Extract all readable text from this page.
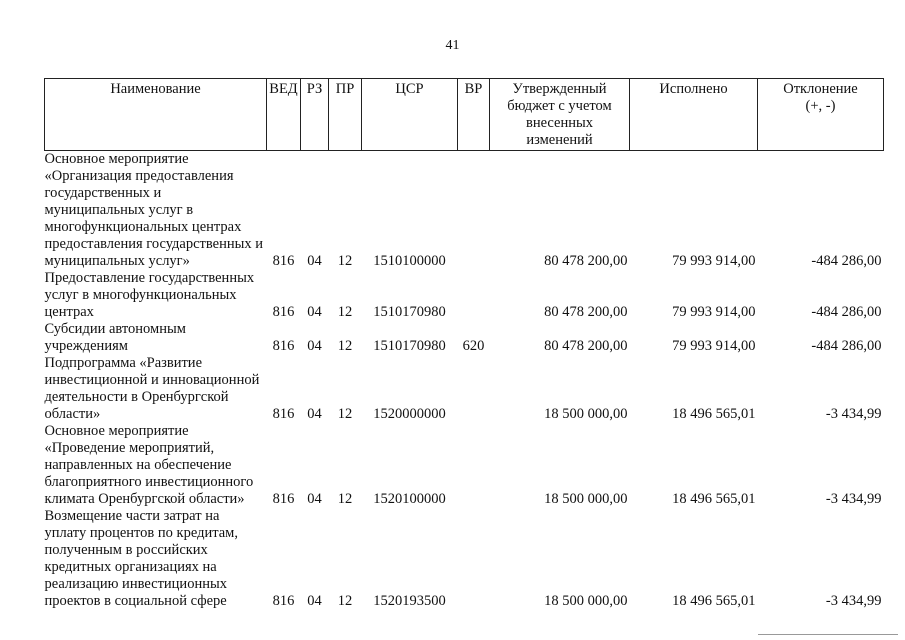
41
Наименование	ВЕД	РЗ	ПР	ЦСР	ВР	Утвержденный бюджет с учетом внесенных изменений	Исполнено	Отклонение (+, -)
Основное мероприятие «Организация предоставления государственных и муниципальных услуг в многофункциональных центрах предоставления государственных и муниципальных услуг»	816	04	12	1510100000		80 478 200,00	79 993 914,00	-484 286,00
Предоставление государственных услуг в многофункциональных центрах	816	04	12	1510170980		80 478 200,00	79 993 914,00	-484 286,00
Субсидии автономным учреждениям	816	04	12	1510170980	620	80 478 200,00	79 993 914,00	-484 286,00
Подпрограмма «Развитие инвестиционной и инновационной деятельности в Оренбургской области»	816	04	12	1520000000		18 500 000,00	18 496 565,01	-3 434,99
Основное мероприятие «Проведение мероприятий, направленных на обеспечение благоприятного инвестиционного климата Оренбургской области»	816	04	12	1520100000		18 500 000,00	18 496 565,01	-3 434,99
Возмещение части затрат на уплату процентов по кредитам, полученным в российских кредитных организациях на реализацию инвестиционных проектов в социальной сфере	816	04	12	1520193500		18 500 000,00	18 496 565,01	-3 434,99
